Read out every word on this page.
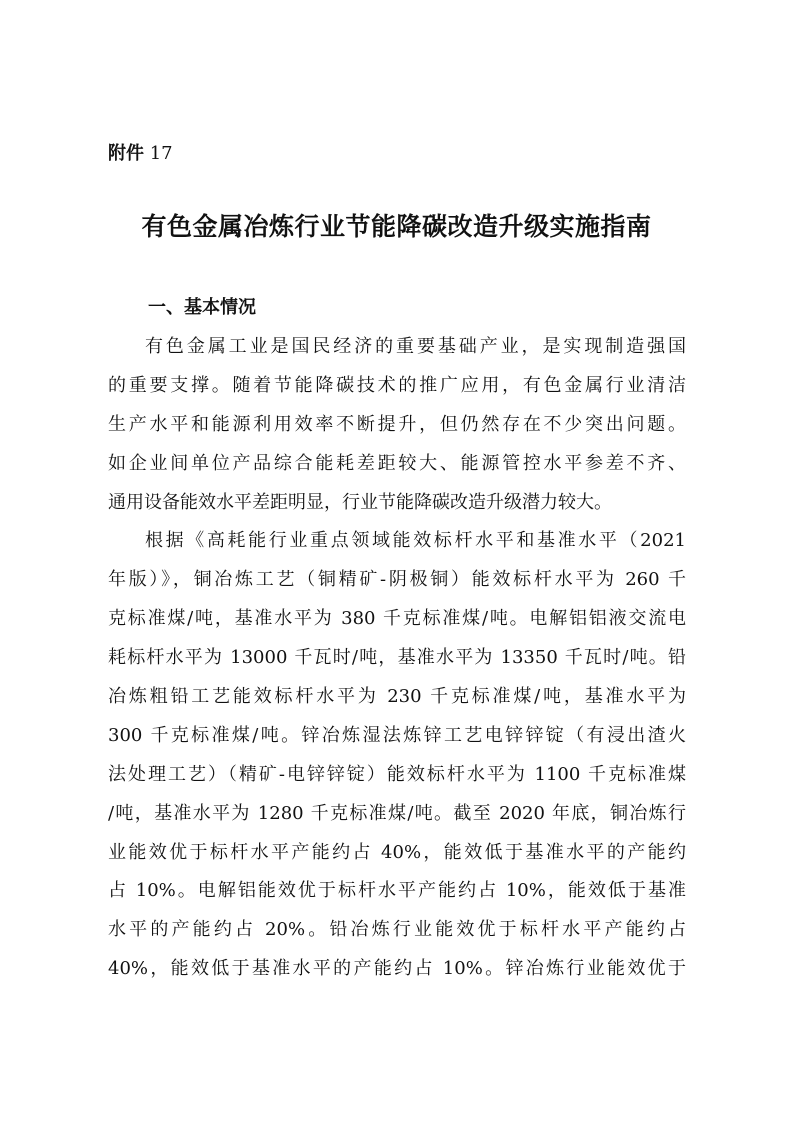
附件 17
有色金属冶炼行业节能降碳改造升级实施指南
一、基本情况
有色金属工业是国民经济的重要基础产业，是实现制造强国
的重要支撑。随着节能降碳技术的推广应用，有色金属行业清洁
生产水平和能源利用效率不断提升，但仍然存在不少突出问题。
如企业间单位产品综合能耗差距较大、能源管控水平参差不齐、
通用设备能效水平差距明显，行业节能降碳改造升级潜力较大。
根据《高耗能行业重点领域能效标杆水平和基准水平（2021
年版）》，铜冶炼工艺（铜精矿-阴极铜）能效标杆水平为 260 千
克标准煤/吨，基准水平为 380 千克标准煤/吨。电解铝铝液交流电
耗标杆水平为 13000 千瓦时/吨，基准水平为 13350 千瓦时/吨。铅
冶炼粗铅工艺能效标杆水平为 230 千克标准煤/吨，基准水平为
300 千克标准煤/吨。锌冶炼湿法炼锌工艺电锌锌锭（有浸出渣火
法处理工艺）（精矿-电锌锌锭）能效标杆水平为 1100 千克标准煤
/吨，基准水平为 1280 千克标准煤/吨。截至 2020 年底，铜冶炼行
业能效优于标杆水平产能约占 40%，能效低于基准水平的产能约
占 10%。电解铝能效优于标杆水平产能约占 10%，能效低于基准
水平的产能约占 20%。铅冶炼行业能效优于标杆水平产能约占
40%，能效低于基准水平的产能约占 10%。锌冶炼行业能效优于
